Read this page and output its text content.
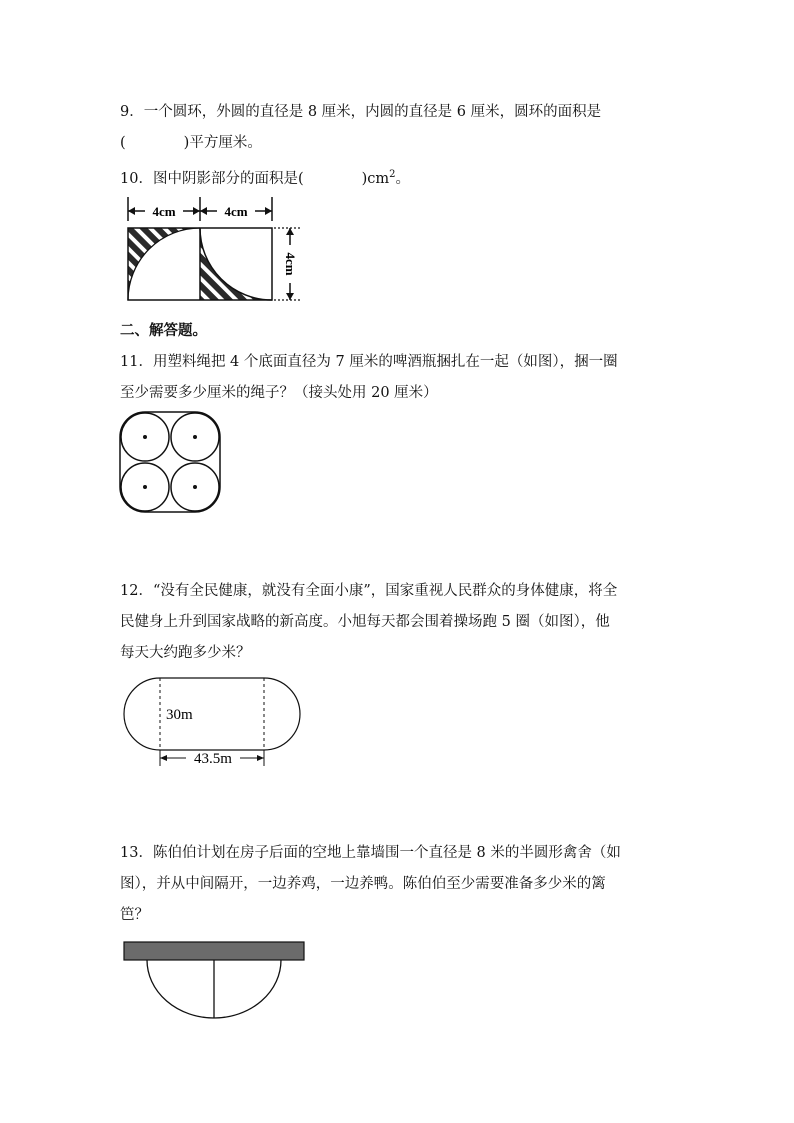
9．一个圆环，外圆的直径是 8 厘米，内圆的直径是 6 厘米，圆环的面积是
(　　　　)平方厘米。
10．图中阴影部分的面积是(　　　　)$cm^2$。
4cm	4cm
4cm
二、解答题。
11．用塑料绳把 4 个底面直径为 7 厘米的啤酒瓶捆扎在一起（如图），捆一圈
至少需要多少厘米的绳子？（接头处用 20 厘米）
12．“没有全民健康，就没有全面小康”，国家重视人民群众的身体健康，将全
民健身上升到国家战略的新高度。小旭每天都会围着操场跑 5 圈（如图），他
每天大约跑多少米？
30m
43.5m
13．陈伯伯计划在房子后面的空地上靠墙围一个直径是 8 米的半圆形禽舍（如
图），并从中间隔开，一边养鸡，一边养鸭。陈伯伯至少需要准备多少米的篱
笆？
